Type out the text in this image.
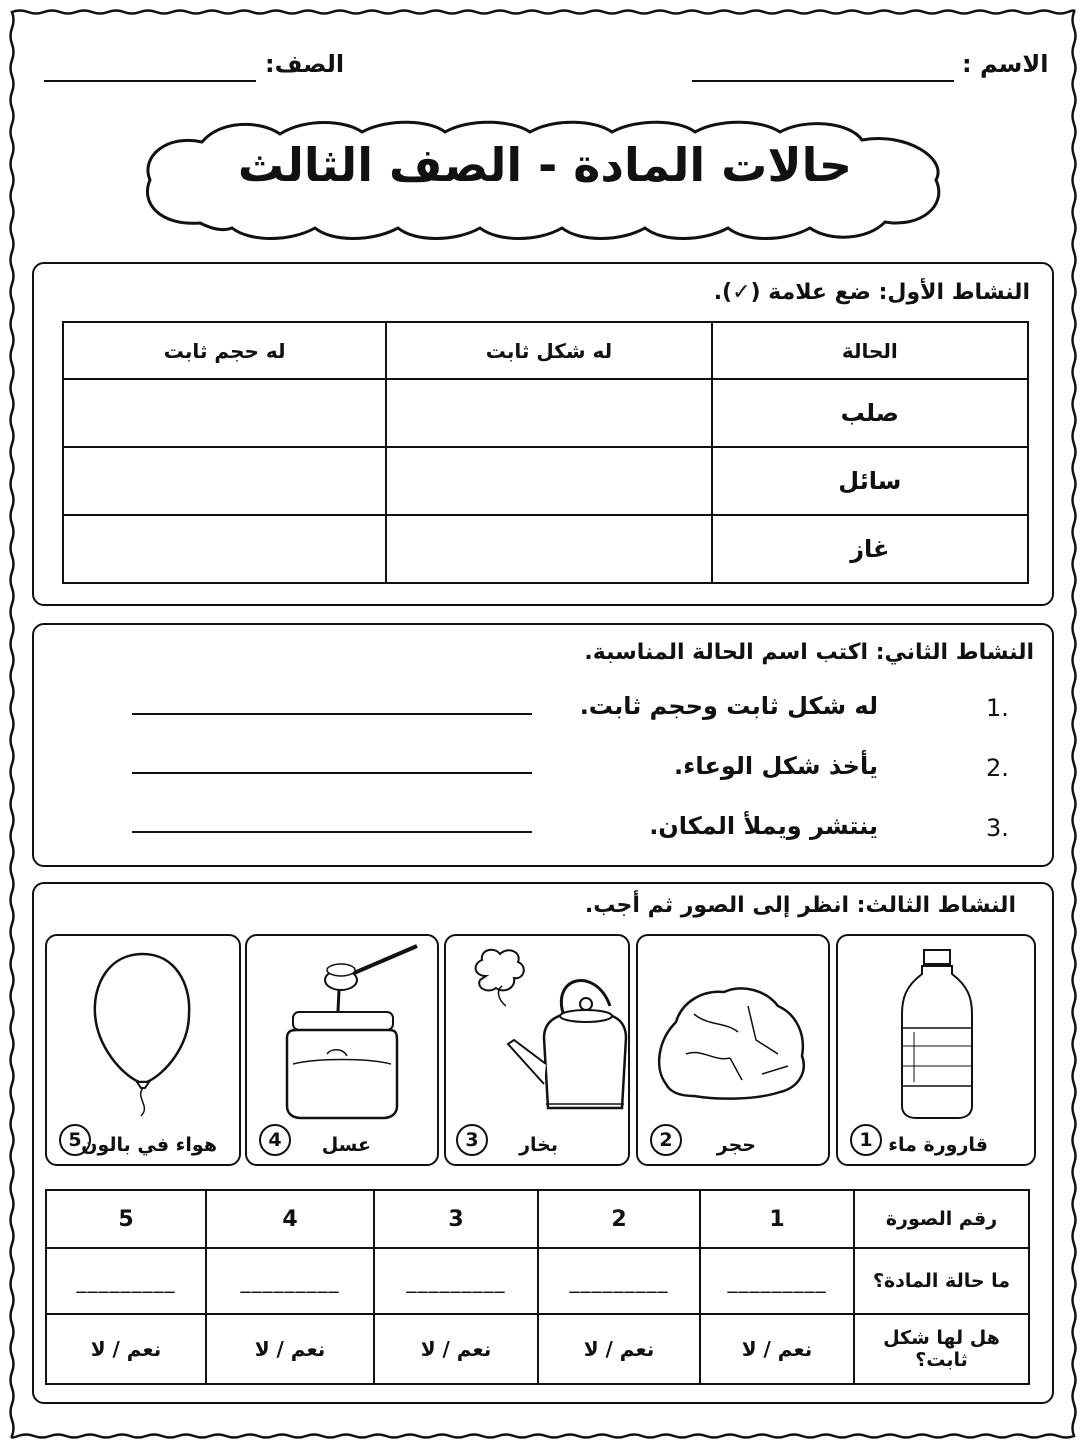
الاسم :
الصف:
حالات المادة - الصف الثالث
النشاط الأول: ضع علامة (✓).
له حجم ثابت	له شكل ثابت	الحالة
		صلب
		سائل
		غاز
النشاط الثاني: اكتب اسم الحالة المناسبة.
1.
له شكل ثابت وحجم ثابت.
2.
يأخذ شكل الوعاء.
3.
ينتشر ويملأ المكان.
النشاط الثالث: انظر إلى الصور ثم أجب.
1 قارورة ماء
2	حجر
3	بخار
4	عسل
5 هواء في بالون
5	4	3	2	1	رقم الصورة
_________	_________	_________	_________	_________	ما حالة المادة؟
نعم / لا	نعم / لا	نعم / لا	نعم / لا	نعم / لا	هل لها شكل ثابت؟
